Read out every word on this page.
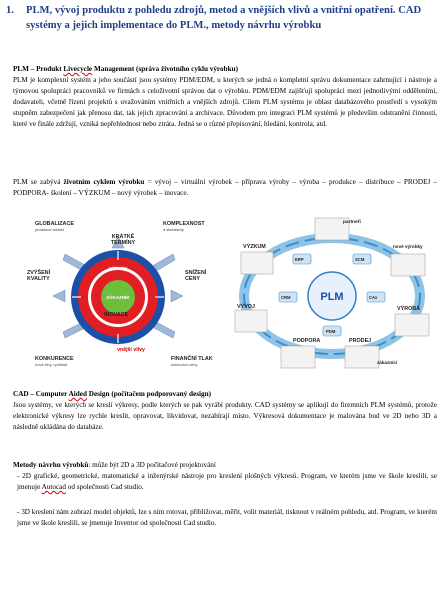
1. PLM, vývoj produktu z pohledu zdrojů, metod a vnějších vlivů a vnitřní opatření. CAD systémy a jejich implementace do PLM., metody návrhu výrobku
PLM – Produkt Livecycle Management (správa životního cyklu výrobku)
PLM je komplexní systém a jeho součástí jsou systémy PDM/EDM, u kterých se jedná o kompletní správu dokumentace zahrnující i nástroje a týmovou spolupráci pracovníků ve firmách s celoživotní správou dat o výrobku. PDM/EDM zajišťují spolupráci mezi jednotlivými odděleními, dodavateli, včetně řízení projektů s uvažováním vnitřních a vnějších zdrojů. Cílem PLM systému je oblast databázového prostředí s vysokým stupněm zabezpečení jak přenosu dat, tak jejich zpracování a archivace. Důvodem pro integraci PLM systémů je především odstranění činností, které ve finále zdržují, vzniká nepřehlednost nebo ztráta. Jedná se o různé přepisování, hledání, kontrola, atd.
PLM se zabývá životním cyklem výrobku = vývoj – virtuální výrobek – příprava výroby – výroba – produkce – distribuce – PRODEJ – PODPORA- školení – VÝZKUM – nový výrobek – inovace.
ZÁKAZNÍK
vnitřní vlivy
vnější vlivy
GLOBALIZACE
produkce lokální
KRÁTKÉ TERMÍNY
KOMPLEXNOST
a standardy
ZVÝŠENÍ KVALITY
SNÍŽENÍ CENY
INOVACE
KONKURENCE
nové trhy, rychlost
FINANČNÍ TLAK
snižování ceny
PLM
partneři
VÝZKUM	nové výrobky
VÝVOJ	VÝROBA
PODPORA	PRODEJ
zákazníci
ERP	SCM
CRM	CAx
PDM
CAD – Computer Aided Design (počítačem podporovaný design)
Jsou systémy, ve kterých se kreslí výkresy, podle kterých se pak vyrábí produkty. CAD systémy se aplikují do firemních PLM systémů, protože elektronické výkresy lze rychle kreslit, opravovat, likvidovat, nezabírají místo. Výkresová dokumentace je malována bud ve 2D nebo 3D a následně ukládána do databáze.
Metody návrhu výrobků: může být 2D a 3D počítačové projektování
- 2D grafické, geometrické, matematické a inženýrské nástroje pro kreslení plošných výkresů. Program, ve kterém jsme ve škole kreslili, se jmenuje Autocad od společnosti Cad studio.
- 3D kreslení nám zobrazí model objektů, lze s ním rotovat, přibližovat, měřit, volit materiál, tisknout v reálném pohledu, atd. Program, ve kterém jsme ve škole kreslili, se jmenuje Inventor od společnosti Cad studio.
